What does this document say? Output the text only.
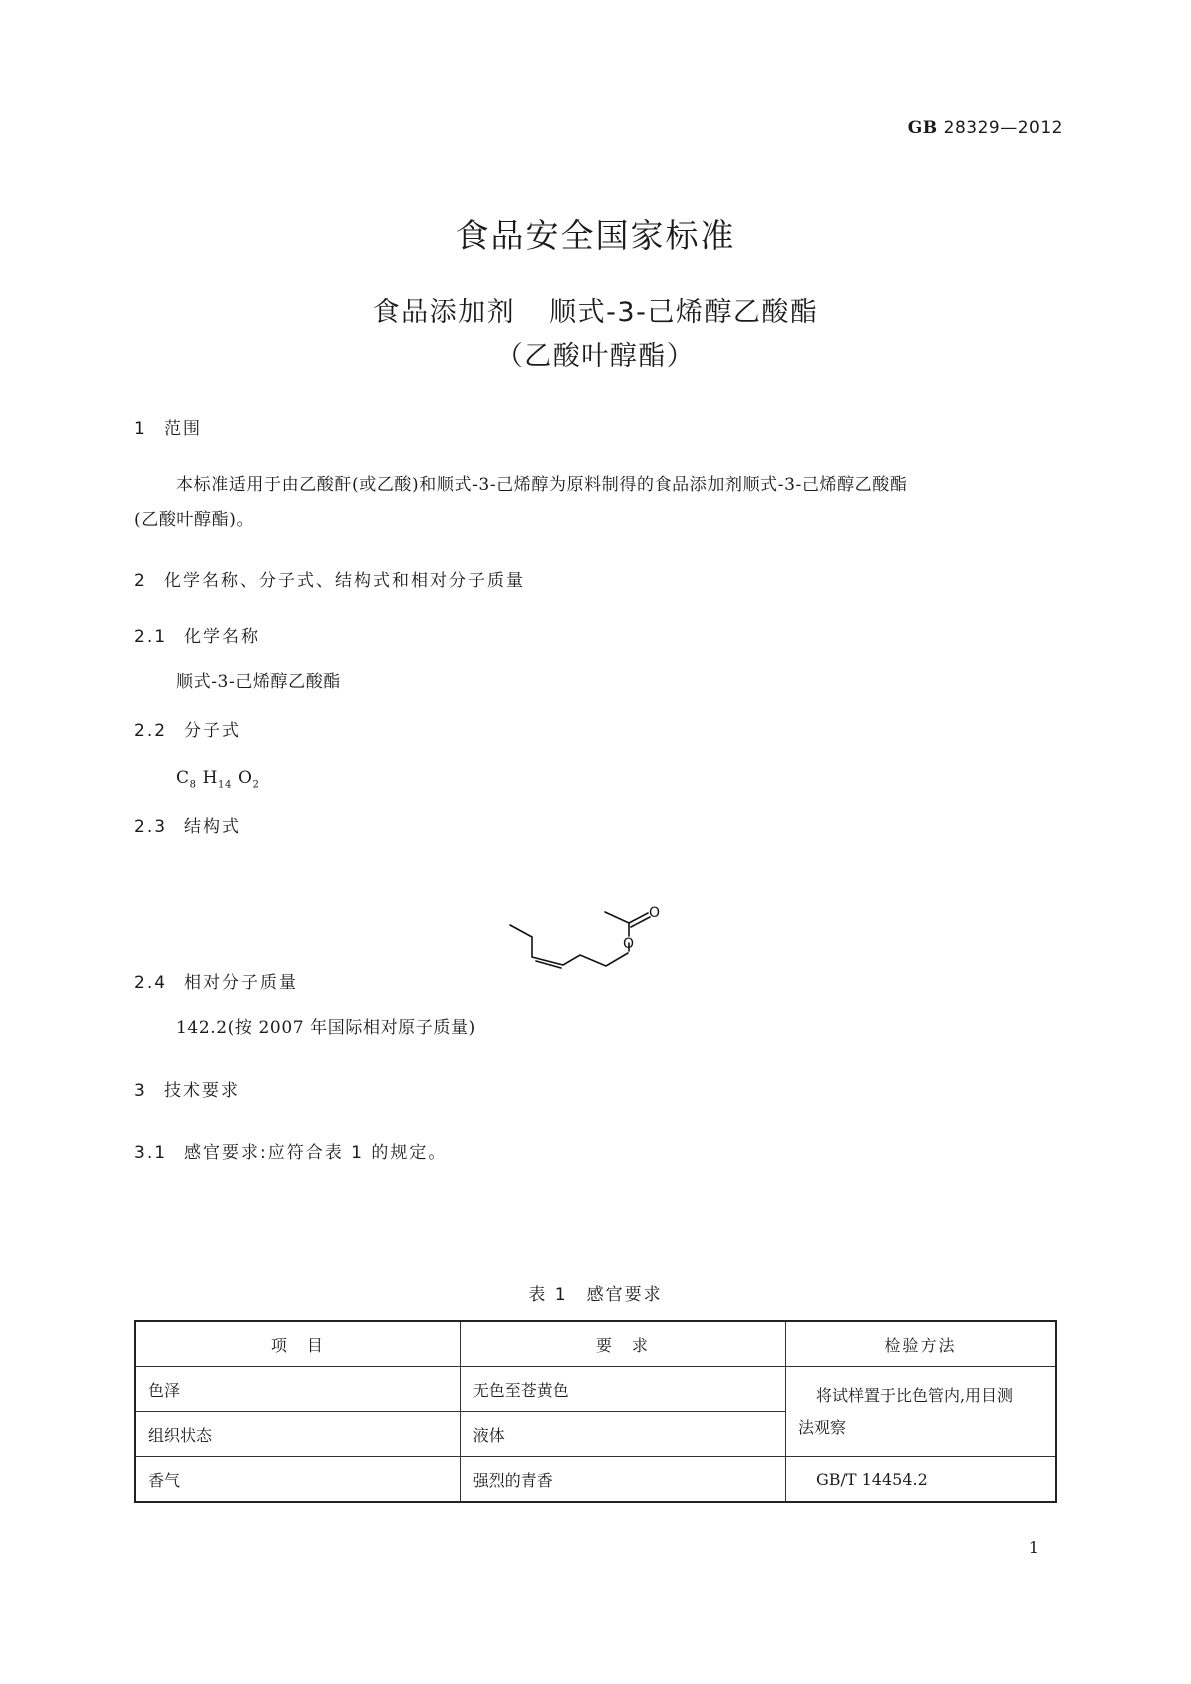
GB 28329—2012
食品安全国家标准
食品添加剂 顺式-3-己烯醇乙酸酯
（乙酸叶醇酯）
1 范围
本标准适用于由乙酸酐(或乙酸)和顺式-3-己烯醇为原料制得的食品添加剂顺式-3-己烯醇乙酸酯
(乙酸叶醇酯)。
2 化学名称、分子式、结构式和相对分子质量
2.1 化学名称
顺式-3-己烯醇乙酸酯
2.2 分子式
$C_8$ $H_{14}$ $O_2$
2.3 结构式
O
O
2.4 相对分子质量
142.2(按 2007 年国际相对原子质量)
3 技术要求
3.1 感官要求:应符合表 1 的规定。
表 1　感官要求
项　目	要　求	检验方法
色泽	无色至苍黄色	将试样置于比色管内,用目测
法观察

组织状态	液体	
香气	强烈的青香	GB/T 14454.2
1
